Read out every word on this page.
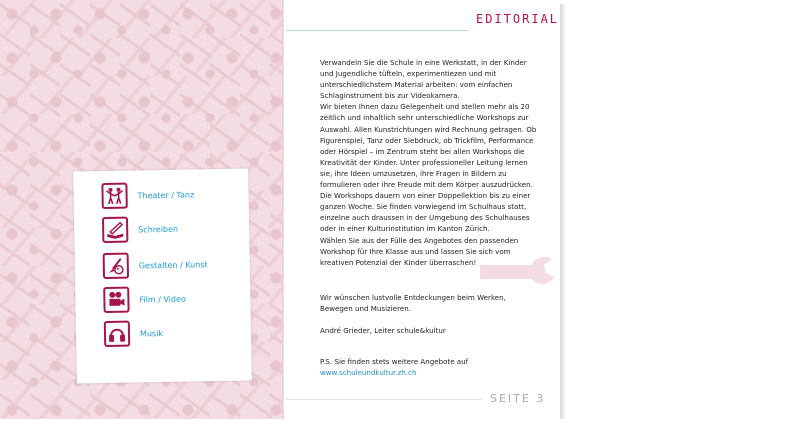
EDITORIAL

Verwandeln Sie die Schule in eine Werkstatt, in der Kinder und Jugendliche tüfteln, experimentiezen und mit unterschiedlichstem Material arbeiten: vom einfachen Schlaginstrument bis zur Videokamera.

Wir bieten Ihnen dazu Gelegenheit und stellen mehr als 20 zeitlich und inhaltlich sehr unterschiedliche Workshops zur Auswahl. Allen Kunstrichtungen wird Rechnung getragen. Ob Figurenspiel, Tanz oder Siebdruck, ob Trickfilm, Performance oder Hörspiel – im Zentrum steht bei allen Workshops die Kreativität der Kinder. Unter professioneller Leitung lernen sie, ihre Ideen umzusetzen, ihre Fragen in Bildern zu formulieren oder ihre Freude mit dem Körper auszudrücken.

Die Workshops dauern von einer Doppellektion bis zu einer ganzen Woche. Sie finden vorwiegend im Schulhaus statt, einzelne auch draussen in der Umgebung des Schulhauses oder in einer Kulturinstitution im Kanton Zürich.

Wählen Sie aus der Fülle des Angebotes den passenden Workshop für Ihre Klasse aus und lassen Sie sich vom kreativen Potenzial der Kinder überraschen!

Wir wünschen lustvolle Entdeckungen beim Werken, Bewegen und Musizieren.

André Grieder, Leiter schule&kultur

P.S. Sie finden stets weitere Angebote auf
www.schuleundkultur.zh.ch
SEITE 3
Theater / Tanz
Schreiben
Gestalten / Kunst
Film / Video
Musik
